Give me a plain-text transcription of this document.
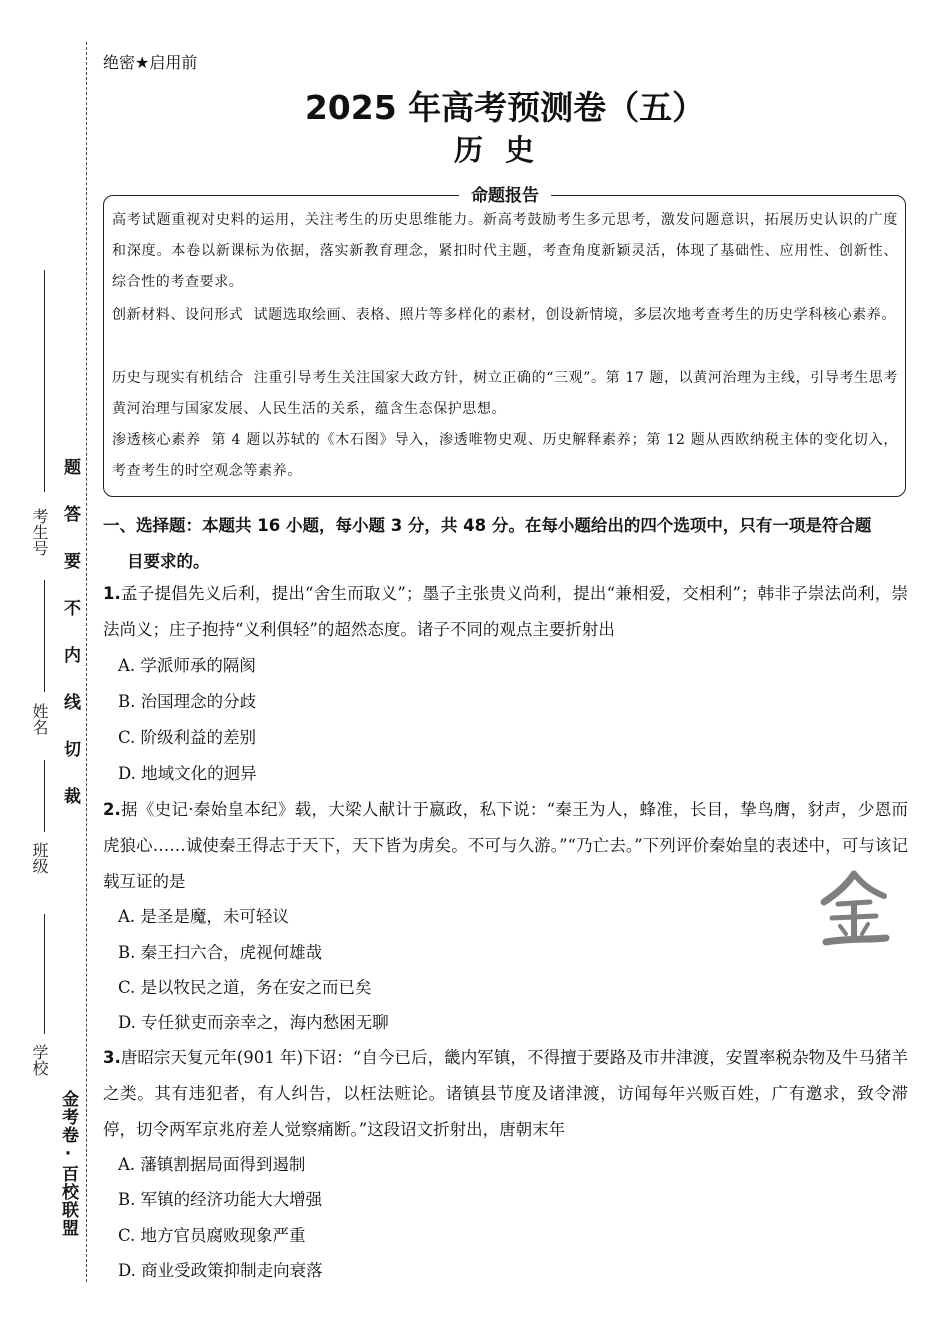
考生号
姓名
班级
学校
题答要不内线切裁
金考卷·百校联盟
绝密★启用前
2025 年高考预测卷（五）
历史
命题报告
高考试题重视对史料的运用，关注考生的历史思维能力。新高考鼓励考生多元思考，激发问题意识，拓展历史认识的广度和深度。本卷以新课标为依据，落实新教育理念，紧扣时代主题，考查角度新颖灵活，体现了基础性、应用性、创新性、综合性的考查要求。
创新材料、设问形式 试题选取绘画、表格、照片等多样化的素材，创设新情境，多层次地考查考生的历史学科核心素养。
历史与现实有机结合 注重引导考生关注国家大政方针，树立正确的“三观”。第 17 题，以黄河治理为主线，引导考生思考黄河治理与国家发展、人民生活的关系，蕴含生态保护思想。
渗透核心素养 第 4 题以苏轼的《木石图》导入，渗透唯物史观、历史解释素养；第 12 题从西欧纳税主体的变化切入，考查考生的时空观念等素养。
一、选择题：本题共 16 小题，每小题 3 分，共 48 分。在每小题给出的四个选项中，只有一项是符合题
目要求的。
1.孟子提倡先义后利，提出“舍生而取义”；墨子主张贵义尚利，提出“兼相爱，交相利”；韩非子崇法尚利，崇法尚义；庄子抱持“义利俱轻”的超然态度。诸子不同的观点主要折射出
A. 学派师承的隔阂
B. 治国理念的分歧
C. 阶级利益的差别
D. 地域文化的迥异
2.据《史记·秦始皇本纪》载，大梁人献计于嬴政，私下说：“秦王为人，蜂准，长目，挚鸟膺，豺声，少恩而虎狼心……诚使秦王得志于天下，天下皆为虏矣。不可与久游。”“乃亡去。”下列评价秦始皇的表述中，可与该记载互证的是
A. 是圣是魔，未可轻议
B. 秦王扫六合，虎视何雄哉
C. 是以牧民之道，务在安之而已矣
D. 专任狱吏而亲幸之，海内愁困无聊
3.唐昭宗天复元年(901 年)下诏：“自今已后，畿内军镇，不得擅于要路及市井津渡，安置率税杂物及牛马猪羊之类。其有违犯者，有人纠告，以枉法赃论。诸镇县节度及诸津渡，访闻每年兴贩百姓，广有邀求，致令滞停，切令两军京兆府差人觉察痛断。”这段诏文折射出，唐朝末年
A. 藩镇割据局面得到遏制
B. 军镇的经济功能大大增强
C. 地方官员腐败现象严重
D. 商业受政策抑制走向衰落
